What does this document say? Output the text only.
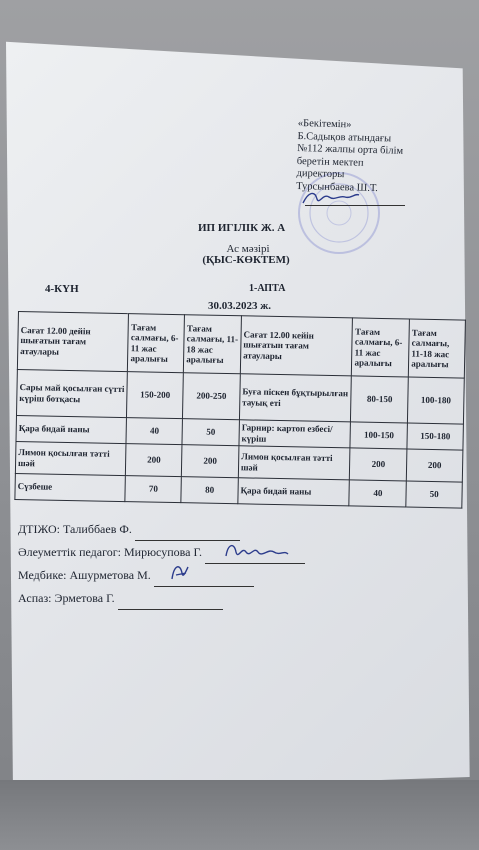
«Бекітемін»
Б.Садықов атындағы
№112 жалпы орта білім
беретін мектеп
директоры
Турсынбаева Ш.Т.
ИП ИГІЛІК Ж. А
Ас мәзірі
(ҚЫС-КӨКТЕМ)
4-КҮН	1-АПТА
30.03.2023 ж.
Сағат 12.00 дейін шығатын тағам атаулары	Тағам салмағы, 6-11 жас аралығы	Тағам салмағы, 11-18 жас аралығы	Сағат 12.00 кейін шығатын тағам атаулары	Тағам салмағы, 6-11 жас аралығы	Тағам салмағы, 11-18 жас аралығы
Сары май қосылған сүтті күріш ботқасы	150-200	200-250	Буға піскен бұқтырылған тауық еті	80-150	100-180
Қара бидай наны	40	50	Гарнир: картоп езбесі/ күріш	100-150	150-180
Лимон қосылған тәтті шәй	200	200	Лимон қосылған тәтті шәй	200	200
Сүзбеше	70	80	Қара бидай наны	40	50
ДТІЖО: Талиббаев Ф.
Әлеуметтік педагог: Мирюсупова Г.
Медбике: Ашурметова М.
Аспаз: Эрметова Г.
